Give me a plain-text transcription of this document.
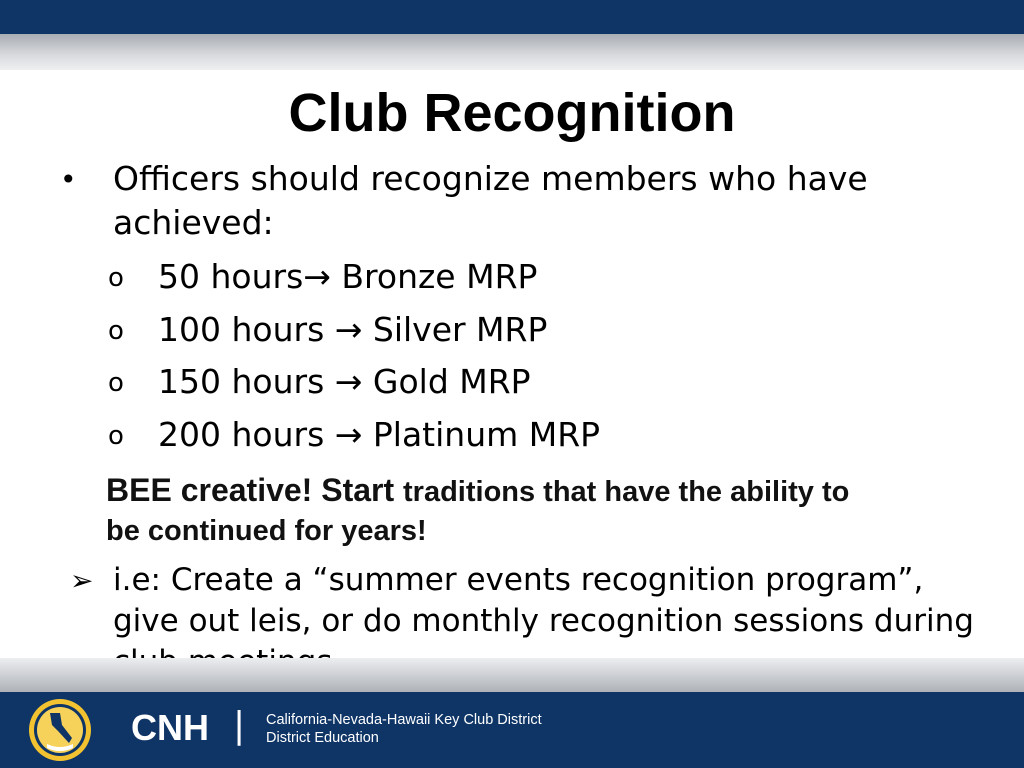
Club Recognition
• Officers should recognize members who have
achieved:
o 50 hours→ Bronze MRP
o 100 hours → Silver MRP
o 150 hours → Gold MRP
o 200 hours → Platinum MRP
BEE creative! Start traditions that have the ability to
be continued for years!
➢ i.e: Create a “summer events recognition program”,
give out leis, or do monthly recognition sessions during
CNH | California-Nevada-Hawaii Key Club District
District Education
